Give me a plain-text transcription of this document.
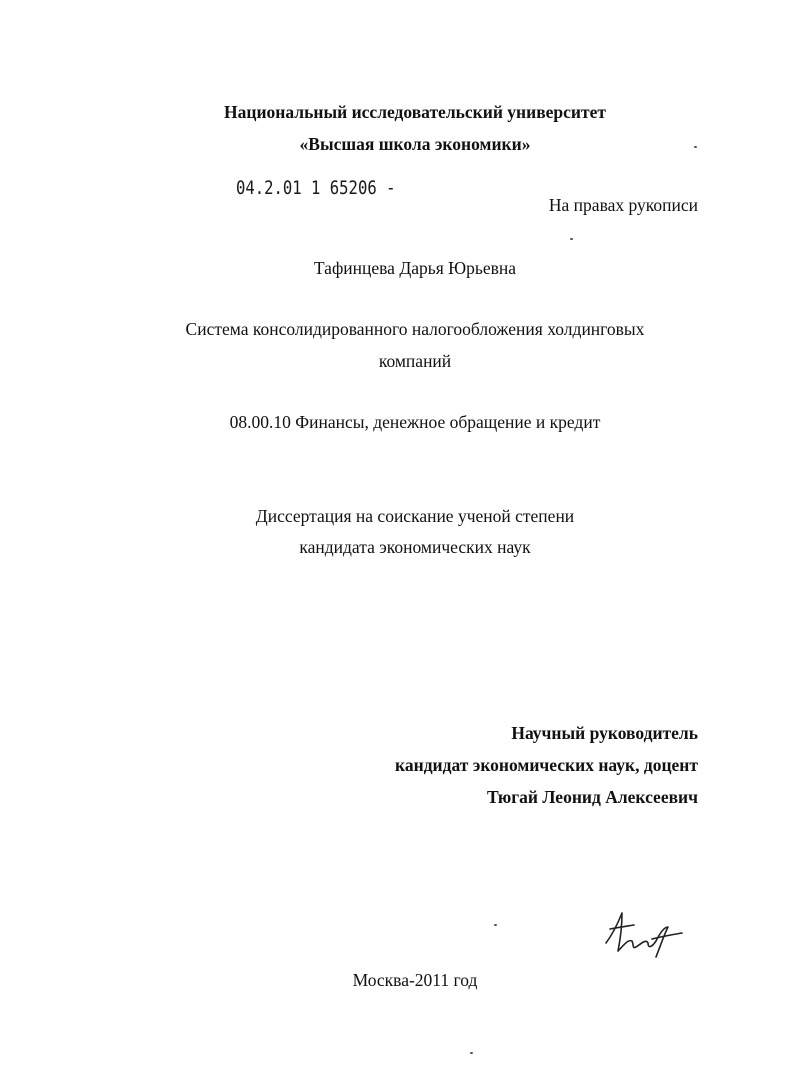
Национальный исследовательский университет
«Высшая школа экономики»
04.2.01 1 65206 -
На правах рукописи
Тафинцева Дарья Юрьевна
Система консолидированного налогообложения холдинговых
компаний
08.00.10 Финансы, денежное обращение и кредит
Диссертация на соискание ученой степени
кандидата экономических наук
Научный руководитель
кандидат экономических наук, доцент
Тюгай Леонид Алексеевич
Москва-2011 год
